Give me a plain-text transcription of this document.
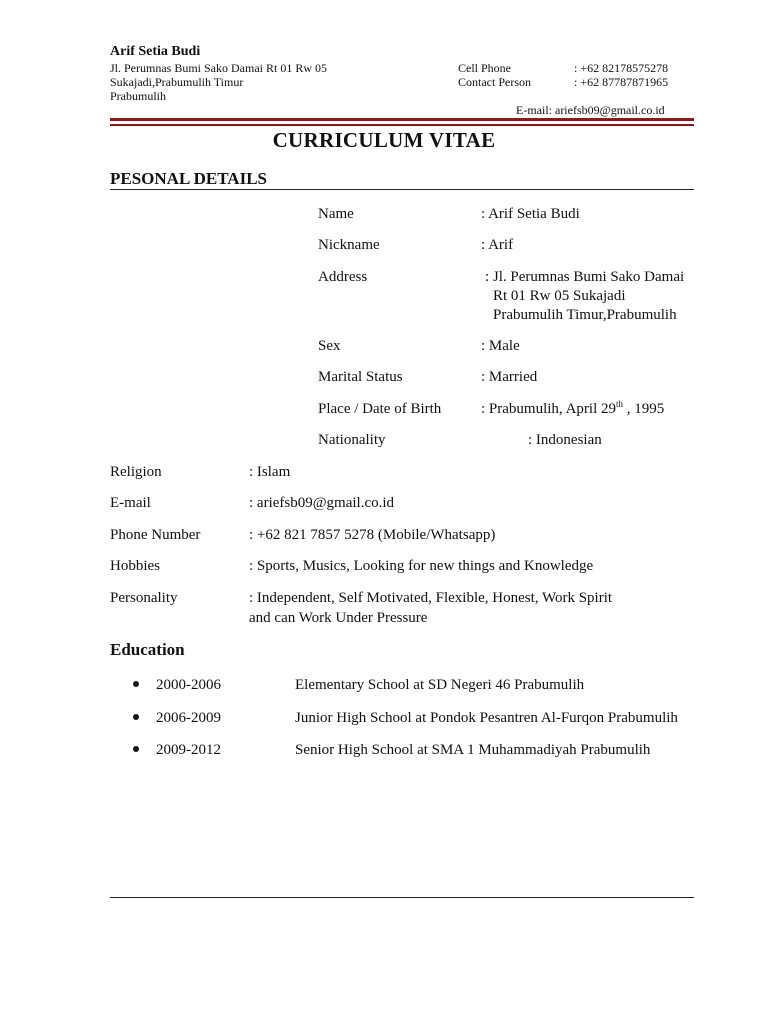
Arif Setia Budi
Jl. Perumnas Bumi Sako Damai Rt 01 Rw 05
Sukajadi,Prabumulih Timur
Prabumulih
Cell Phone	: +62 82178575278
Contact Person	: +62 87787871965
E-mail: ariefsb09@gmail.co.id
CURRICULUM VITAE
PESONAL DETAILS
Name	: Arif Setia Budi
Nickname	: Arif
Address	: Jl. Perumnas Bumi Sako Damai
Rt 01 Rw 05 Sukajadi
Prabumulih Timur,Prabumulih
Sex	: Male
Marital Status	: Married
Place / Date of Birth	: Prabumulih, April 29th , 1995
Nationality	: Indonesian
Religion	: Islam
E-mail	: ariefsb09@gmail.co.id
Phone Number	: +62 821 7857 5278 (Mobile/Whatsapp)
Hobbies	: Sports, Musics, Looking for new things and Knowledge
Personality	: Independent, Self Motivated, Flexible, Honest, Work Spirit
and can Work Under Pressure
Education
2000-2006	Elementary School at SD Negeri 46 Prabumulih
2006-2009	Junior High School at Pondok Pesantren Al-Furqon Prabumulih
2009-2012	Senior High School at SMA 1 Muhammadiyah Prabumulih
